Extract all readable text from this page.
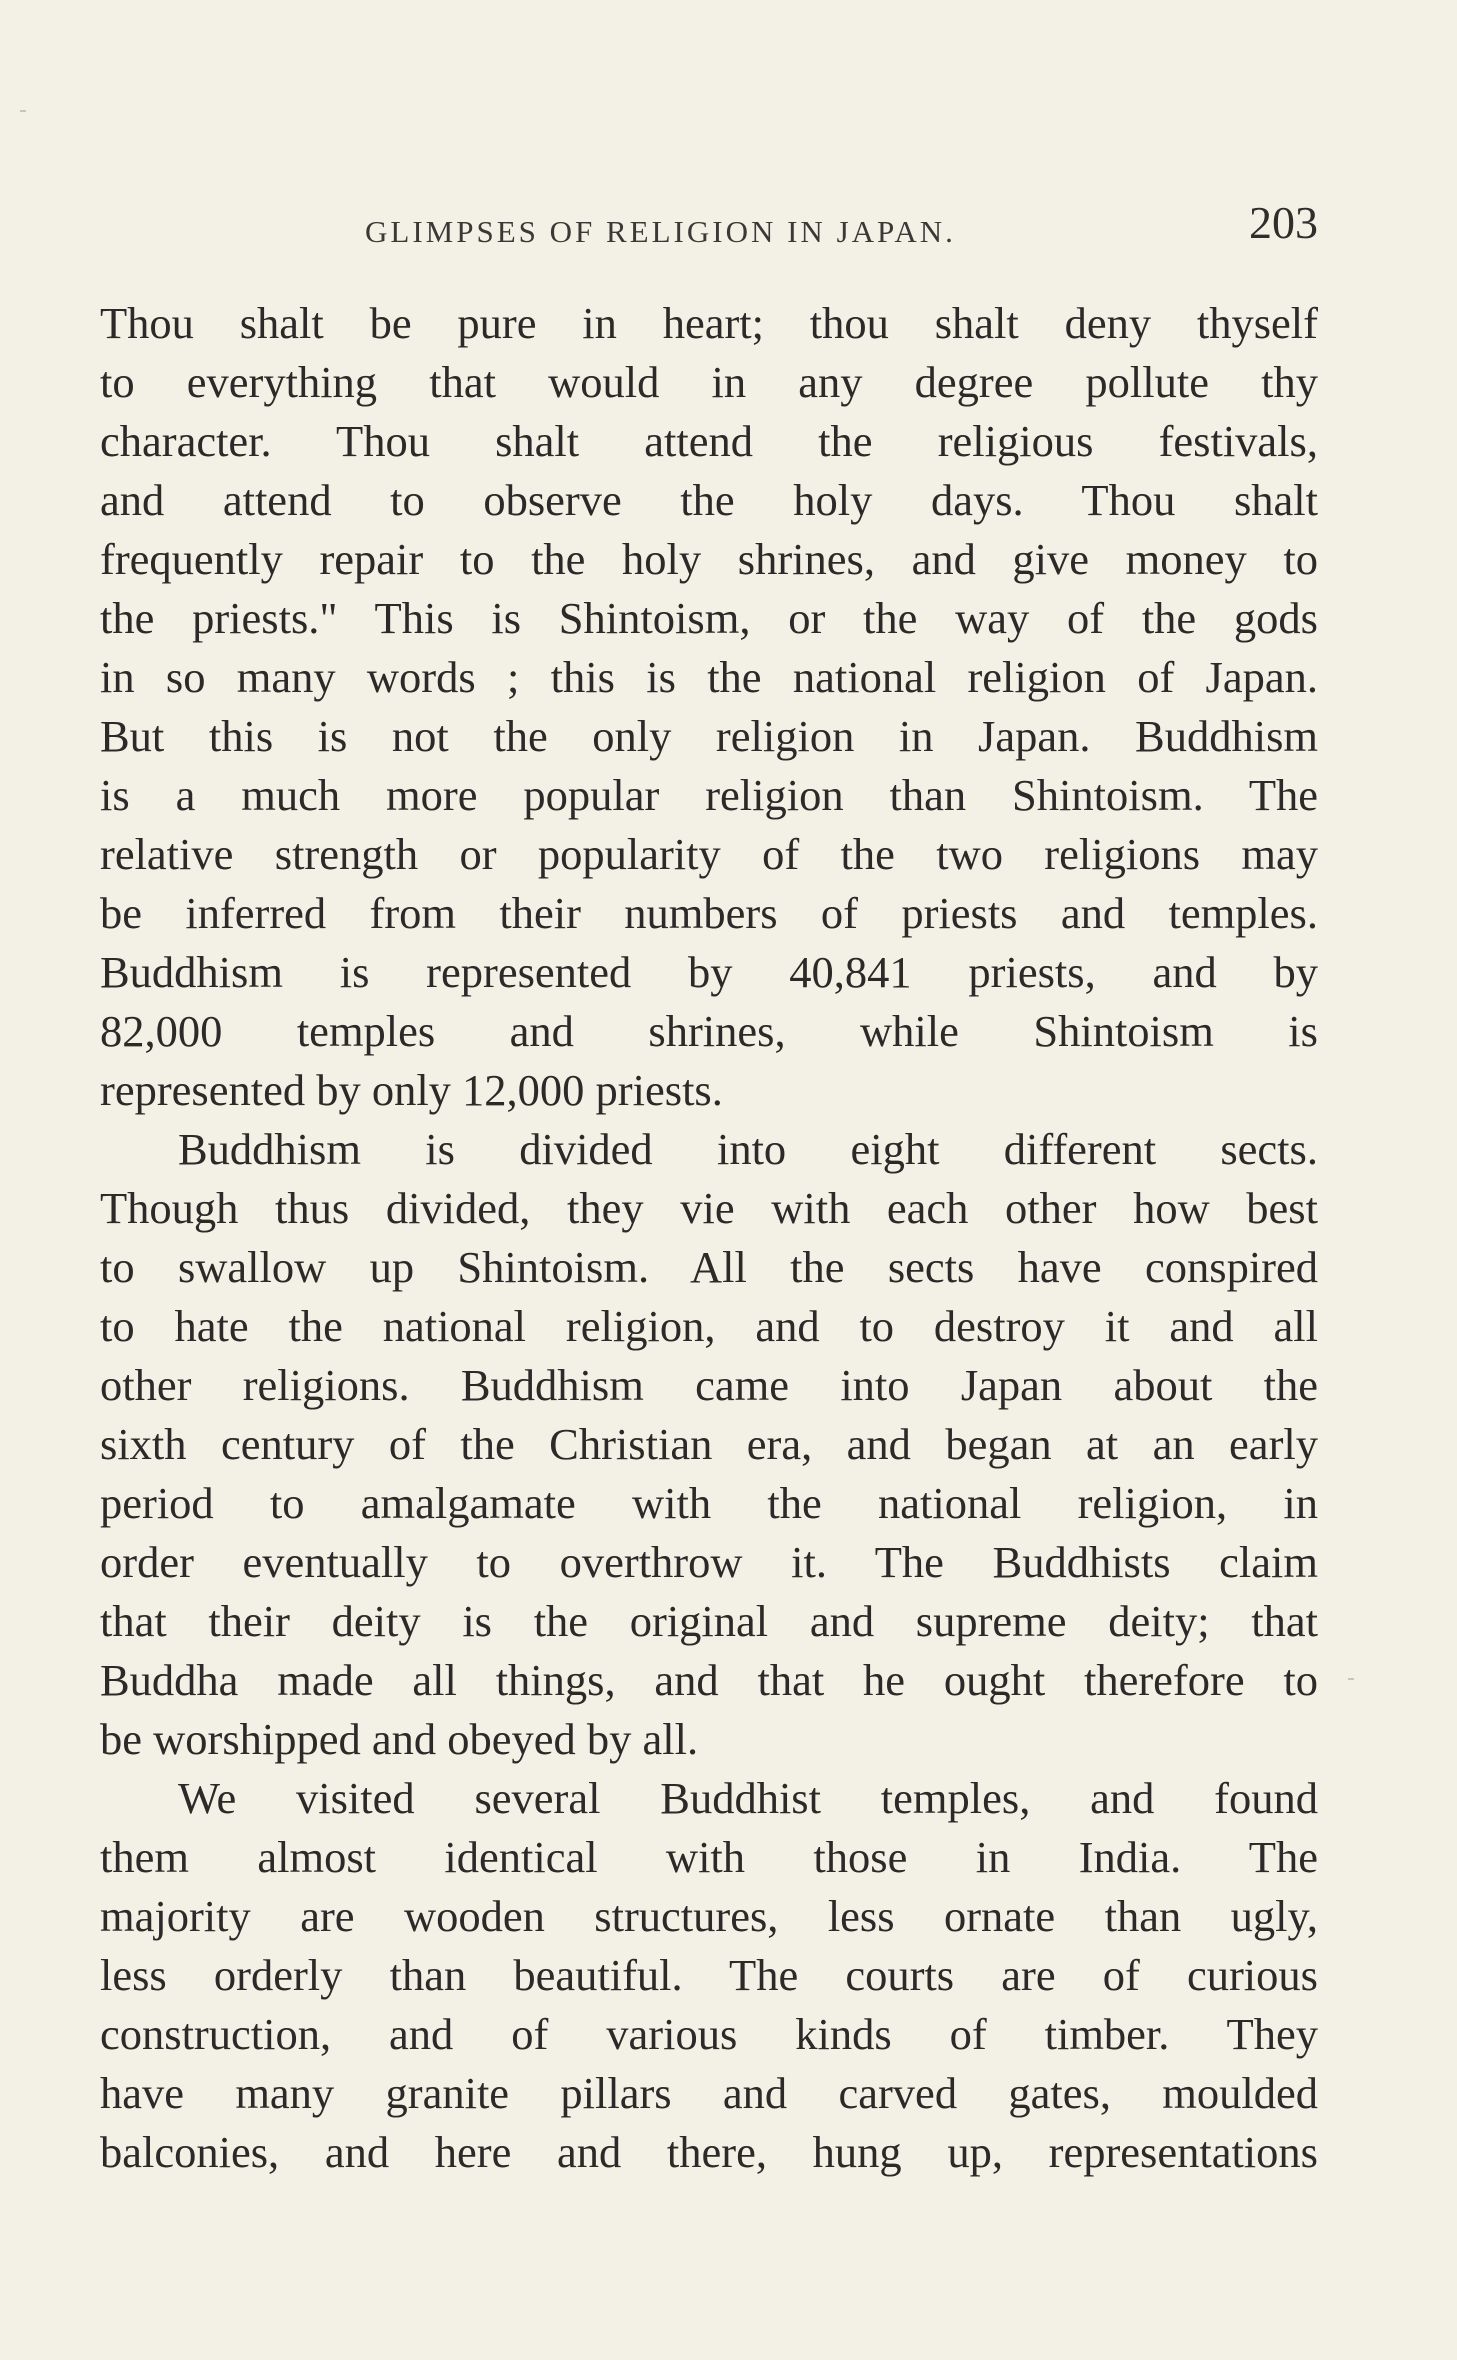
GLIMPSES OF RELIGION IN JAPAN.	203
Thou shalt be pure in heart; thou shalt deny thyself
to everything that would in any degree pollute thy
character. Thou shalt attend the religious festivals,
and attend to observe the holy days. Thou shalt
frequently repair to the holy shrines, and give money to
the priests." This is Shintoism, or the way of the gods
in so many words ; this is the national religion of Japan.
But this is not the only religion in Japan. Buddhism
is a much more popular religion than Shintoism. The
relative strength or popularity of the two religions may
be inferred from their numbers of priests and temples.
Buddhism is represented by 40,841 priests, and by
82,000 temples and shrines, while Shintoism is
represented by only 12,000 priests.
Buddhism is divided into eight different sects.
Though thus divided, they vie with each other how best
to swallow up Shintoism. All the sects have conspired
to hate the national religion, and to destroy it and all
other religions. Buddhism came into Japan about the
sixth century of the Christian era, and began at an early
period to amalgamate with the national religion, in
order eventually to overthrow it. The Buddhists claim
that their deity is the original and supreme deity; that
Buddha made all things, and that he ought therefore to
be worshipped and obeyed by all.
We visited several Buddhist temples, and found
them almost identical with those in India. The
majority are wooden structures, less ornate than ugly,
less orderly than beautiful. The courts are of curious
construction, and of various kinds of timber. They
have many granite pillars and carved gates, moulded
balconies, and here and there, hung up, representations
